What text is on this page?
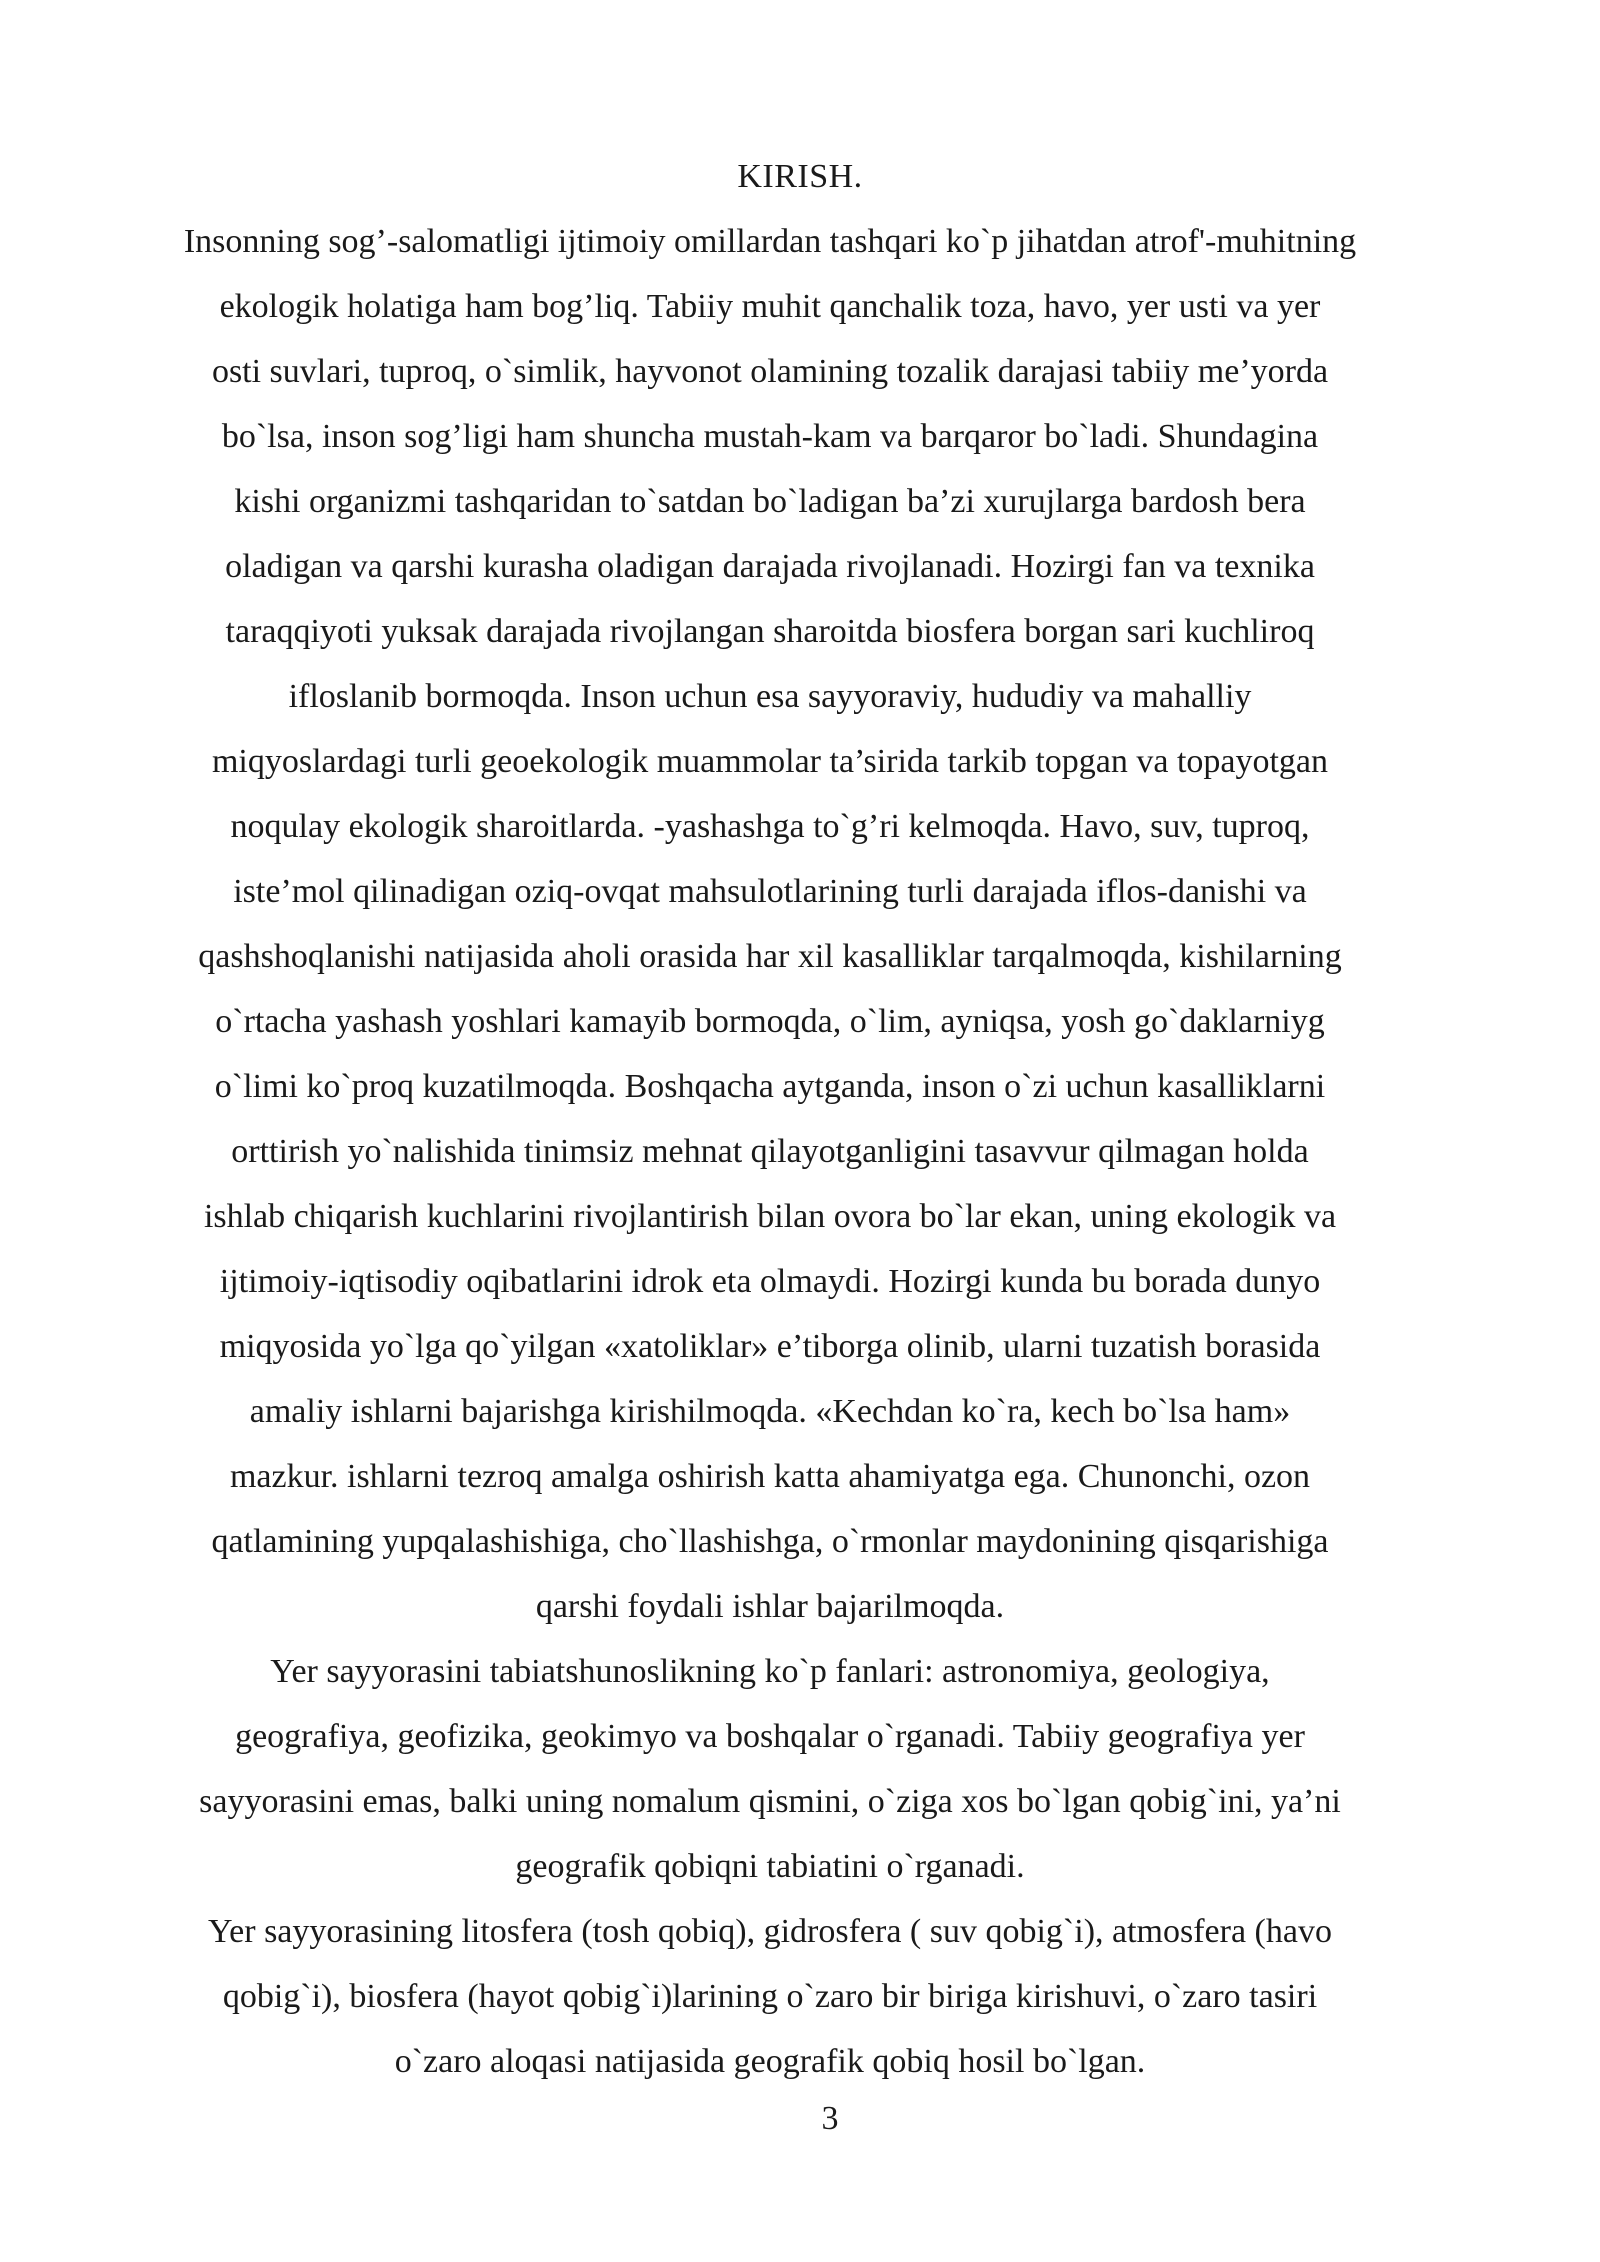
KIRISH.
Insonning sog’-salomatligi ijtimoiy omillardan tashqari ko`p jihatdan atrof'-muhitning
ekologik holatiga ham bog’liq. Tabiiy muhit qanchalik toza, havo, yer usti va yer
osti suvlari, tuproq, o`simlik, hayvonot olamining tozalik darajasi tabiiy me’yorda
bo`lsa, inson sog’ligi ham shuncha mustah-kam va barqaror bo`ladi. Shundagina
kishi organizmi tashqaridan to`satdan bo`ladigan ba’zi xurujlarga bardosh bera
oladigan va qarshi kurasha oladigan darajada rivojlanadi. Hozirgi fan va texnika
taraqqiyoti yuksak darajada rivojlangan sharoitda biosfera borgan sari kuchliroq
ifloslanib bormoqda. Inson uchun esa sayyoraviy, hududiy va mahalliy
miqyoslardagi turli geoekologik muammolar ta’sirida tarkib topgan va topayotgan
noqulay ekologik sharoitlarda. -yashashga to`g’ri kelmoqda. Havo, suv, tuproq,
iste’mol qilinadigan oziq-ovqat mahsulotlarining turli darajada iflos-danishi va
qashshoqlanishi natijasida aholi orasida har xil kasalliklar tarqalmoqda, kishilarning
o`rtacha yashash yoshlari kamayib bormoqda, o`lim, ayniqsa, yosh go`daklarniyg
o`limi ko`proq kuzatilmoqda. Boshqacha aytganda, inson o`zi uchun kasalliklarni
orttirish yo`nalishida tinimsiz mehnat qilayotganligini tasavvur qilmagan holda
ishlab chiqarish kuchlarini rivojlantirish bilan ovora bo`lar ekan, uning ekologik va
ijtimoiy-iqtisodiy oqibatlarini idrok eta olmaydi. Hozirgi kunda bu borada dunyo
miqyosida yo`lga qo`yilgan «xatoliklar» e’tiborga olinib, ularni tuzatish borasida
amaliy ishlarni bajarishga kirishilmoqda. «Kechdan ko`ra, kech bo`lsa ham»
mazkur. ishlarni tezroq amalga oshirish katta ahamiyatga ega. Chunonchi, ozon
qatlamining yupqalashishiga, cho`llashishga, o`rmonlar maydonining qisqarishiga
qarshi foydali ishlar bajarilmoqda.
Yer sayyorasini tabiatshunoslikning ko`p fanlari: astronomiya, geologiya,
geografiya, geofizika, geokimyo va boshqalar o`rganadi. Tabiiy geografiya yer
sayyorasini emas, balki uning nomalum qismini, o`ziga xos bo`lgan qobig`ini, ya’ni
geografik qobiqni tabiatini o`rganadi.
Yer sayyorasining litosfera (tosh qobiq), gidrosfera ( suv qobig`i), atmosfera (havo
qobig`i), biosfera (hayot qobig`i)larining o`zaro bir biriga kirishuvi, o`zaro tasiri
o`zaro aloqasi natijasida geografik qobiq hosil bo`lgan.
3
